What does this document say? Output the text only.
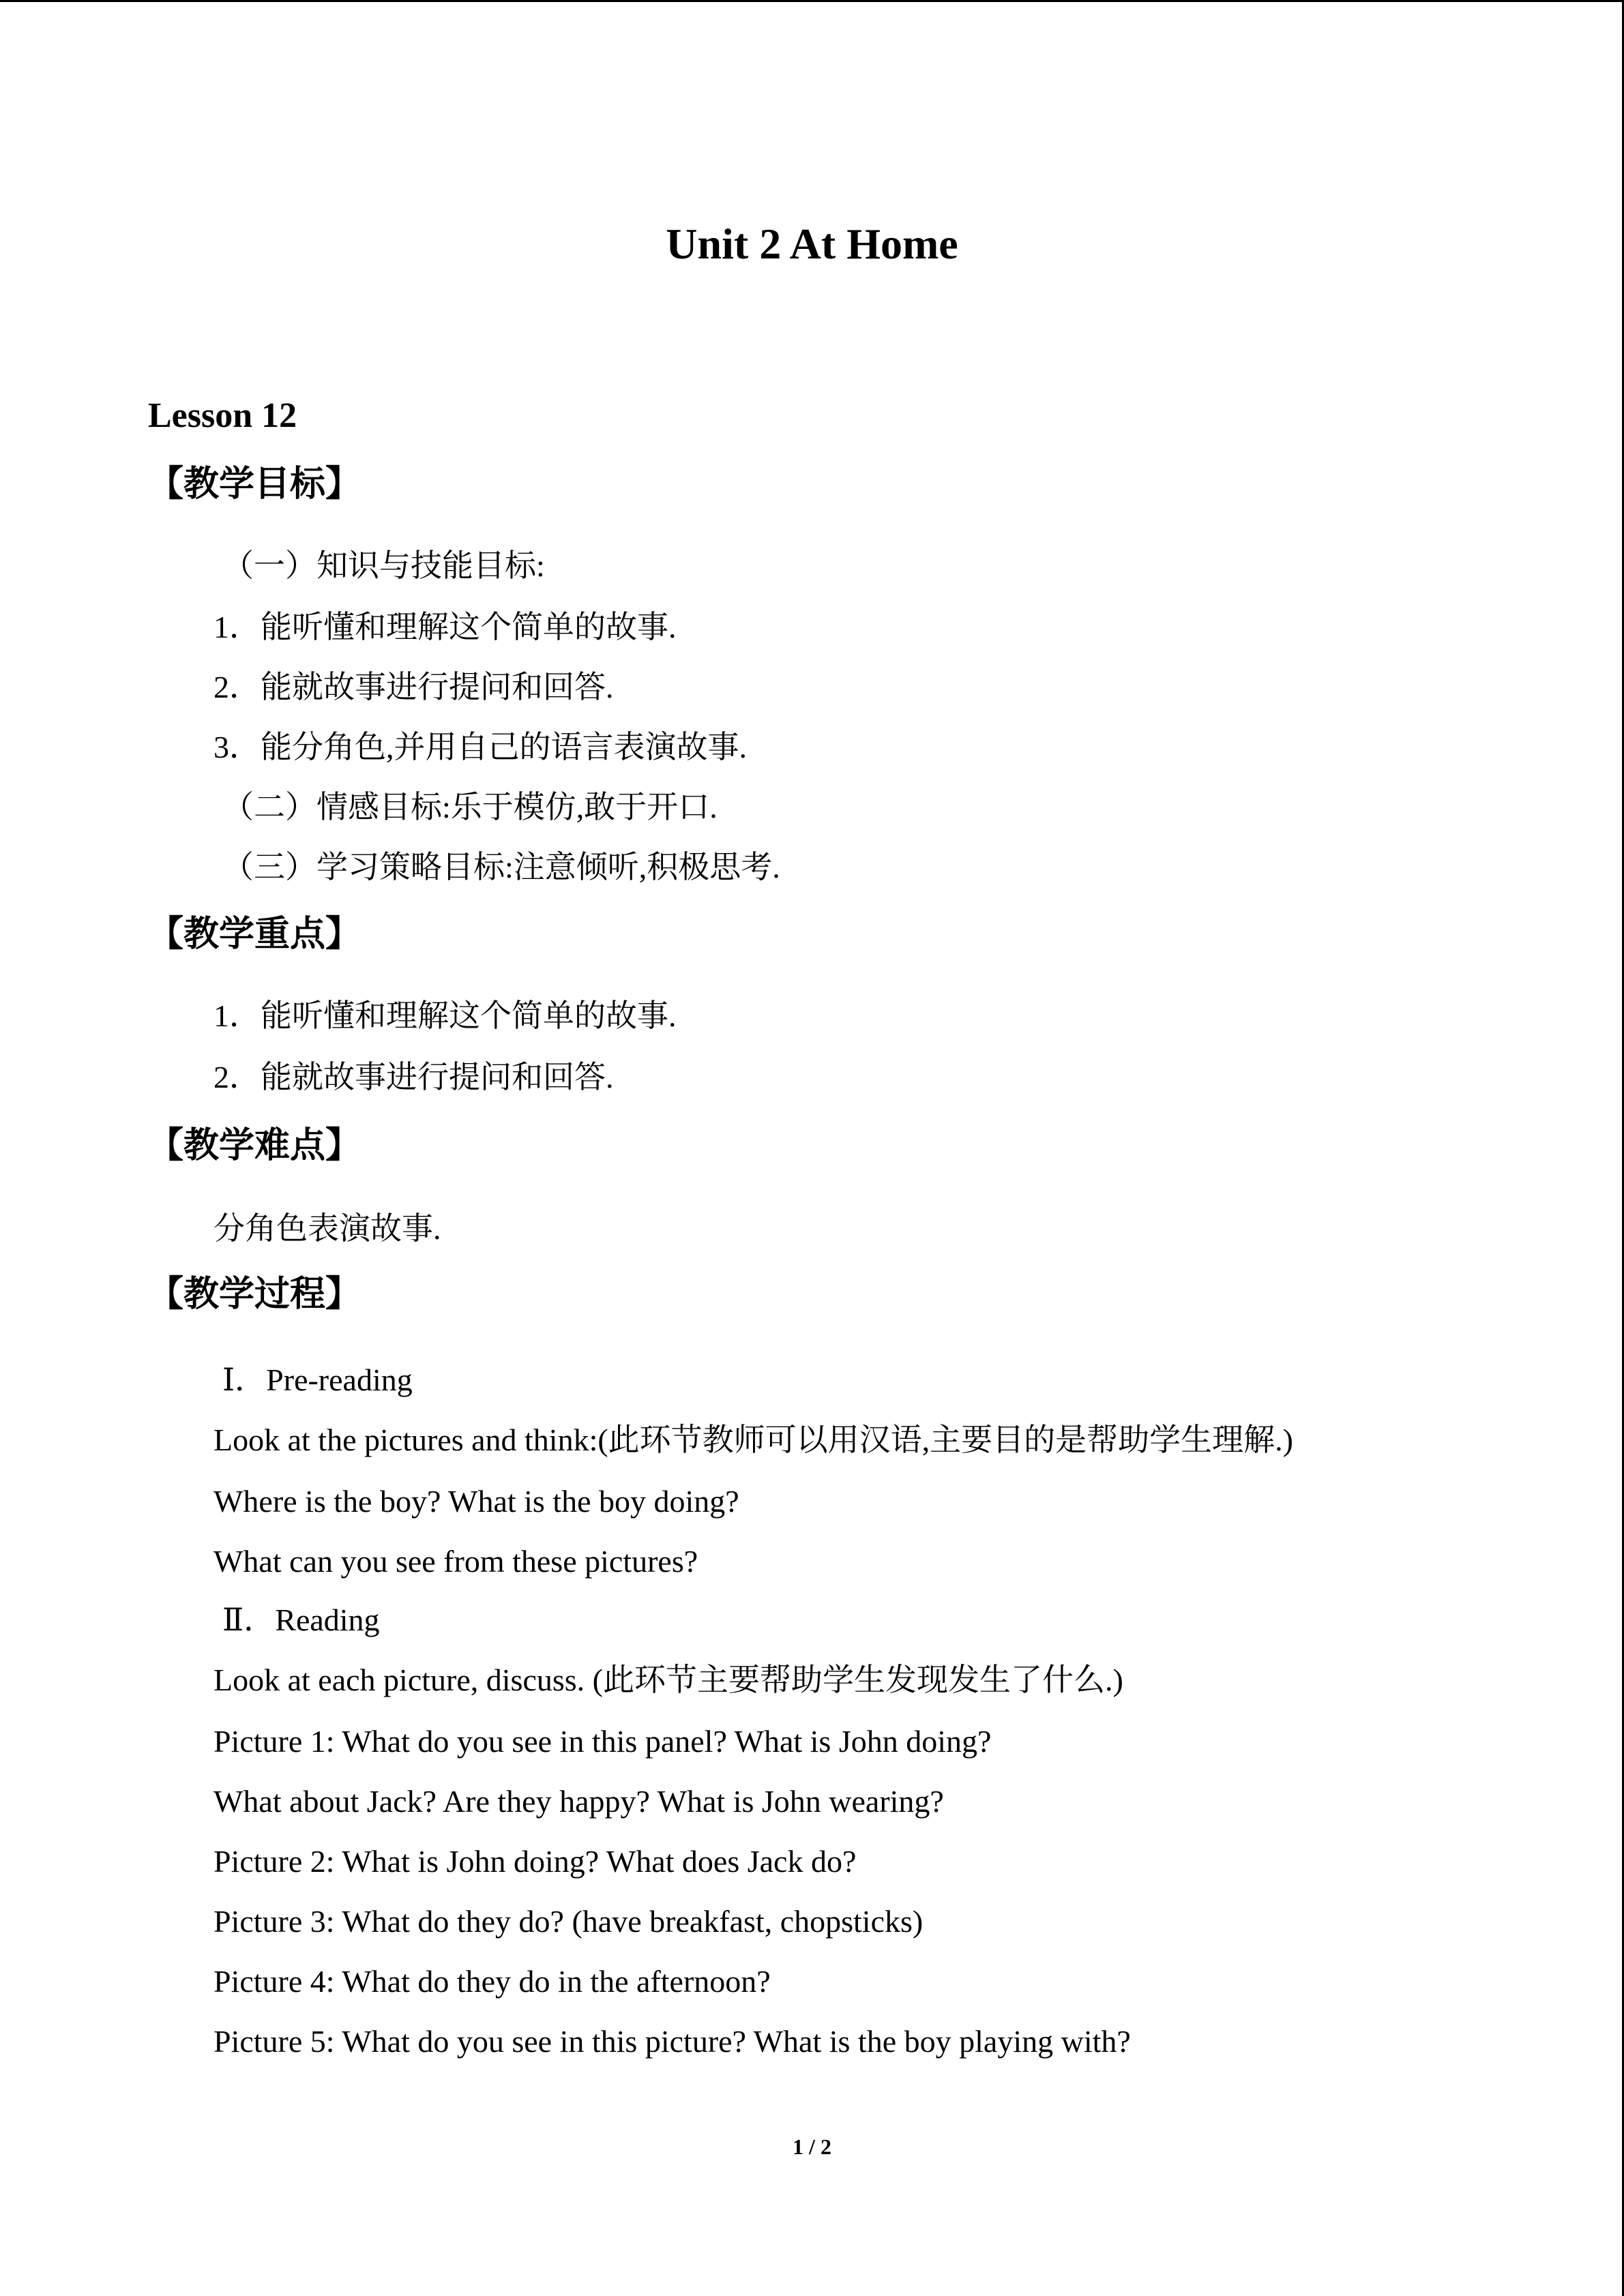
Unit 2 At Home
Lesson 12
【教学目标】
（一）知识与技能目标:
1．能听懂和理解这个简单的故事.
2．能就故事进行提问和回答.
3．能分角色,并用自己的语言表演故事.
（二）情感目标:乐于模仿,敢于开口.
（三）学习策略目标:注意倾听,积极思考.
【教学重点】
1．能听懂和理解这个简单的故事.
2．能就故事进行提问和回答.
【教学难点】
分角色表演故事.
【教学过程】
Ⅰ．Pre-reading
Look at the pictures and think:(此环节教师可以用汉语,主要目的是帮助学生理解.)
Where is the boy? What is the boy doing?
What can you see from these pictures?
Ⅱ．Reading
Look at each picture, discuss. (此环节主要帮助学生发现发生了什么.)
Picture 1: What do you see in this panel? What is John doing?
What about Jack? Are they happy? What is John wearing?
Picture 2: What is John doing? What does Jack do?
Picture 3: What do they do? (have breakfast, chopsticks)
Picture 4: What do they do in the afternoon?
Picture 5: What do you see in this picture? What is the boy playing with?
1 / 2
